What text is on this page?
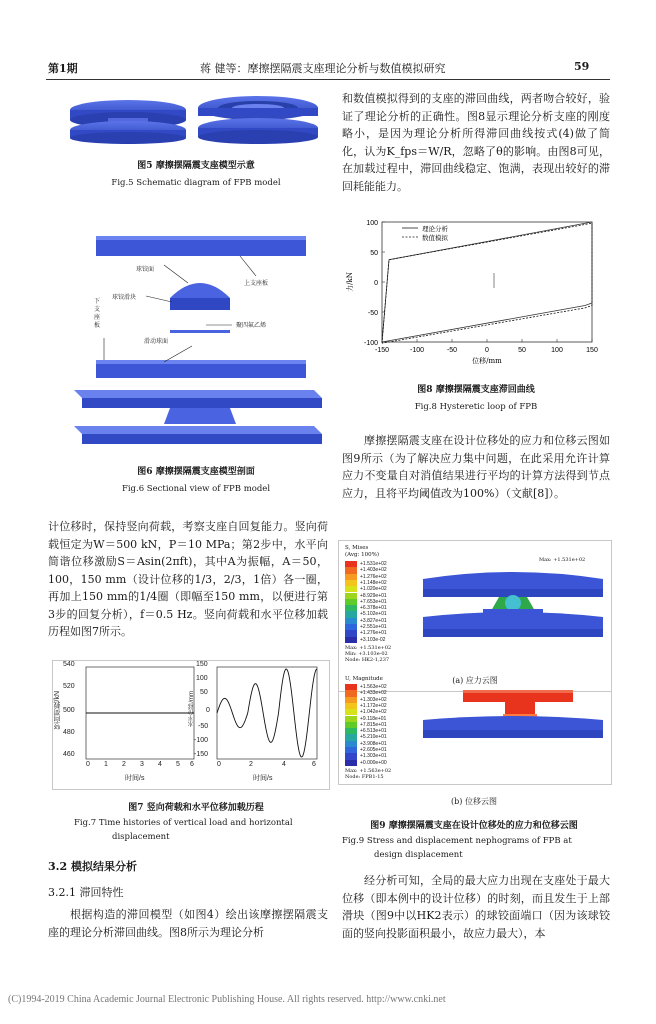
第1期	蒋 健等：摩擦摆隔震支座理论分析与数值模拟研究	59
图5 摩擦摆隔震支座模型示意
Fig.5 Schematic diagram of FPB model
球铰面
上支座板
球铰滑块
下支座板	聚四氟乙烯
滑动球面
图6 摩擦摆隔震支座模型剖面
Fig.6 Sectional view of FPB model
计位移时，保持竖向荷载，考察支座自回复能力。竖向荷载恒定为W＝500 kN，P＝10 MPa；第2步中，水平向简谐位移激励S＝Asin(2πft)，其中A为振幅，A＝50，100，150 mm（设计位移的1/3，2/3，1倍）各一圈，再加上150 mm的1/4圈（即幅至150 mm，以便进行第3步的回复分析），f＝0.5 Hz。竖向荷载和水平位移加载历程如图7所示。
540
520
500
480
460
竖向荷载/kN
0 1 2 3 4 5 6
时间/s
150
100
50
0
-50
-100
-150
水平位移/mm
0	2	4	6
时间/s
图7 竖向荷载和水平位移加载历程
Fig.7 Time histories of vertical load and horizontal
displacement
3.2 模拟结果分析
3.2.1 滞回特性
根据构造的滞回模型（如图4）绘出该摩擦摆隔震支座的理论分析滞回曲线。图8所示为理论分析
和数值模拟得到的支座的滞回曲线，两者吻合较好，验证了理论分析的正确性。图8显示理论分析支座的刚度略小，是因为理论分析所得滞回曲线按式(4)做了简化，认为K_fps＝W/R，忽略了θ的影响。由图8可见，在加载过程中，滞回曲线稳定、饱满，表现出较好的滞回耗能能力。
100
50
0
-50
-100
-150	-100	-50	0	50	100	150
位移/mm
力/kN
理论分析
数值模拟
图8 摩擦摆隔震支座滞回曲线
Fig.8 Hysteretic loop of FPB
摩擦摆隔震支座在设计位移处的应力和位移云图如图9所示（为了解决应力集中问题，在此采用允许计算应力不变量自对消值结果进行平均的计算方法得到节点应力，且将平均阈值改为100%）（文献[8]）。
S, Mises
(Avg: 100%)
$^{+1.531e+02}$
$^{+1.403e+02}$
$^{+1.276e+02}$
$^{+1.148e+02}$
$^{+1.020e+02}$
$^{+8.929e+01}$
$^{+7.653e+01}$
$^{+6.378e+01}$
$^{+5.102e+01}$
$^{+3.827e+01}$
$^{+2.551e+01}$
$^{+1.276e+01}$
$^{+3.103e-02}$
Max: +1.531e+02
Min: +3.103e-02
Node: HK2-1,237
Max: +1.531e+02
(a) 应力云图
U, Magnitude
$^{+1.563e+02}$
$^{+1.433e+02}$
$^{+1.303e+02}$
$^{+1.172e+02}$
$^{+1.042e+02}$
$^{+9.118e+01}$
$^{+7.815e+01}$
$^{+6.513e+01}$
$^{+5.210e+01}$
$^{+3.908e+01}$
$^{+2.605e+01}$
$^{+1.303e+01}$
$^{+0.000e+00}$
Max: +1.563e+02
Node: FPB1-15
(b) 位移云图
图9 摩擦摆隔震支座在设计位移处的应力和位移云图
Fig.9 Stress and displacement nephograms of FPB at
design displacement
经分析可知，全局的最大应力出现在支座处于最大位移（即本例中的设计位移）的时刻，而且发生于上部滑块（图9中以HK2表示）的球铰面端口（因为该球铰面的竖向投影面积最小，故应力最大），本
(C)1994-2019 China Academic Journal Electronic Publishing House. All rights reserved. http://www.cnki.net
